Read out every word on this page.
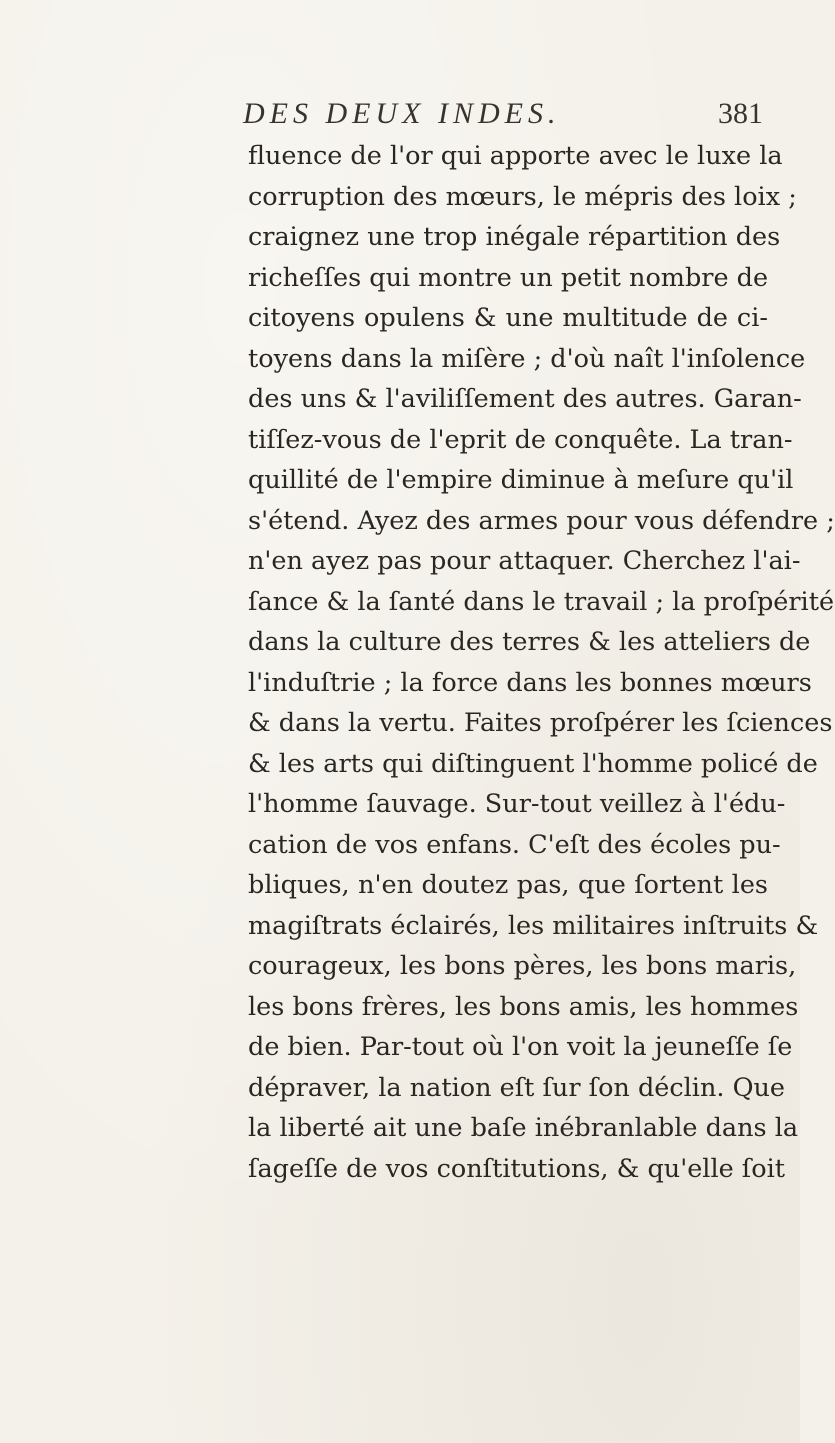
DES DEUX INDES.	381
fluence de l'or qui apporte avec le luxe la
corruption des mœurs, le mépris des loix ;
craignez une trop inégale répartition des
richeſſes qui montre un petit nombre de
citoyens opulens & une multitude de ci-
toyens dans la miſère ; d'où naît l'inſolence
des uns & l'aviliſſement des autres. Garan-
tiſſez-vous de l'eprit de conquête. La tran-
quillité de l'empire diminue à meſure qu'il
s'étend. Ayez des armes pour vous défendre ;
n'en ayez pas pour attaquer. Cherchez l'ai-
ſance & la ſanté dans le travail ; la proſpérité
dans la culture des terres & les atteliers de
l'induſtrie ; la force dans les bonnes mœurs
& dans la vertu. Faites proſpérer les ſciences
& les arts qui diſtinguent l'homme policé de
l'homme ſauvage. Sur-tout veillez à l'édu-
cation de vos enfans. C'eſt des écoles pu-
bliques, n'en doutez pas, que ſortent les
magiſtrats éclairés, les militaires inſtruits &
courageux, les bons pères, les bons maris,
les bons frères, les bons amis, les hommes
de bien. Par-tout où l'on voit la jeuneſſe ſe
dépraver, la nation eſt ſur ſon déclin. Que
la liberté ait une baſe inébranlable dans la
ſageſſe de vos conſtitutions, & qu'elle ſoit
